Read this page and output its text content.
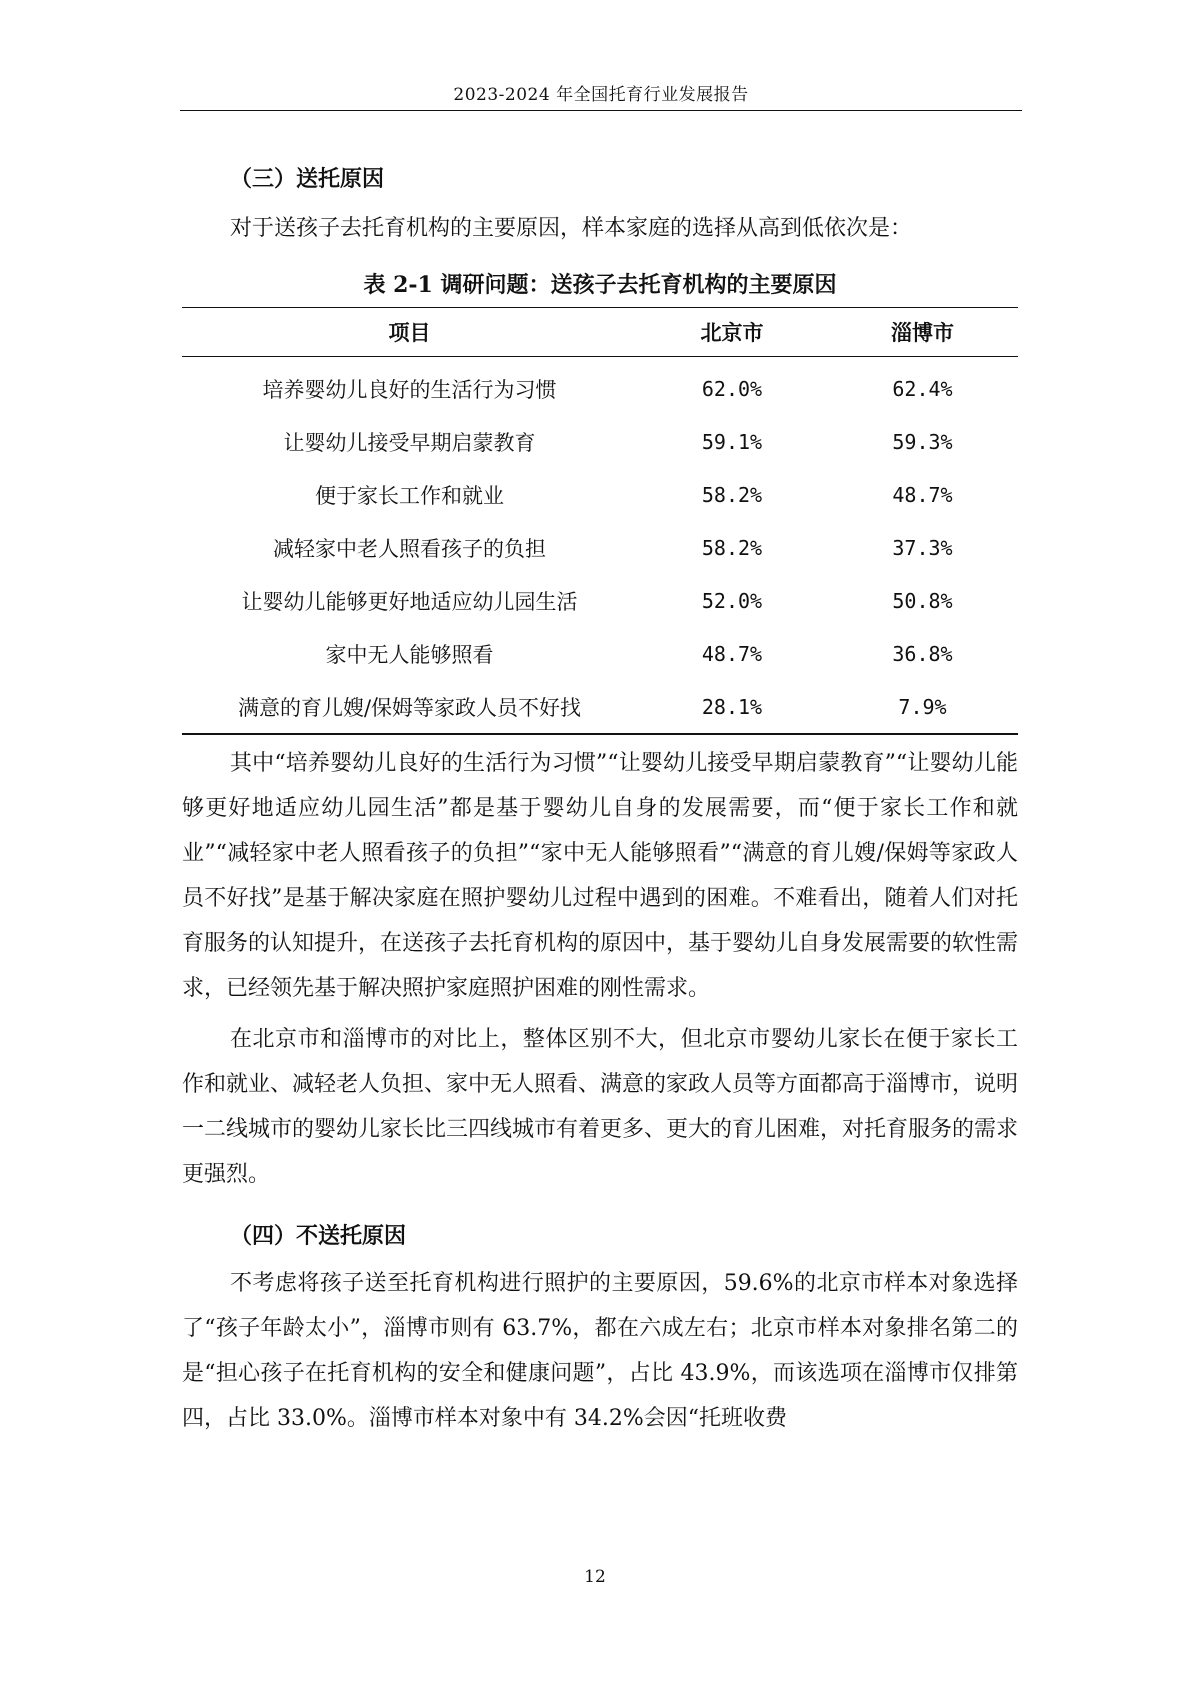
2023-2024 年全国托育行业发展报告
（三）送托原因

对于送孩子去托育机构的主要原因，样本家庭的选择从高到低依次是：

表 2-1 调研问题：送孩子去托育机构的主要原因
项目	北京市	淄博市
培养婴幼儿良好的生活行为习惯	62.0%	62.4%
让婴幼儿接受早期启蒙教育	59.1%	59.3%
便于家长工作和就业	58.2%	48.7%
减轻家中老人照看孩子的负担	58.2%	37.3%
让婴幼儿能够更好地适应幼儿园生活	52.0%	50.8%
家中无人能够照看	48.7%	36.8%
满意的育儿嫂/保姆等家政人员不好找	28.1%	7.9%

其中“培养婴幼儿良好的生活行为习惯”“让婴幼儿接受早期启蒙教育”“让婴幼儿能够更好地适应幼儿园生活”都是基于婴幼儿自身的发展需要，而“便于家长工作和就业”“减轻家中老人照看孩子的负担”“家中无人能够照看”“满意的育儿嫂/保姆等家政人员不好找”是基于解决家庭在照护婴幼儿过程中遇到的困难。不难看出，随着人们对托育服务的认知提升，在送孩子去托育机构的原因中，基于婴幼儿自身发展需要的软性需求，已经领先基于解决照护家庭照护困难的刚性需求。

在北京市和淄博市的对比上，整体区别不大，但北京市婴幼儿家长在便于家长工作和就业、减轻老人负担、家中无人照看、满意的家政人员等方面都高于淄博市，说明一二线城市的婴幼儿家长比三四线城市有着更多、更大的育儿困难，对托育服务的需求更强烈。

（四）不送托原因

不考虑将孩子送至托育机构进行照护的主要原因，59.6%的北京市样本对象选择了“孩子年龄太小”，淄博市则有 63.7%，都在六成左右；北京市样本对象排名第二的是“担心孩子在托育机构的安全和健康问题”，占比 43.9%，而该选项在淄博市仅排第四，占比 33.0%。淄博市样本对象中有 34.2%会因“托班收费

12
